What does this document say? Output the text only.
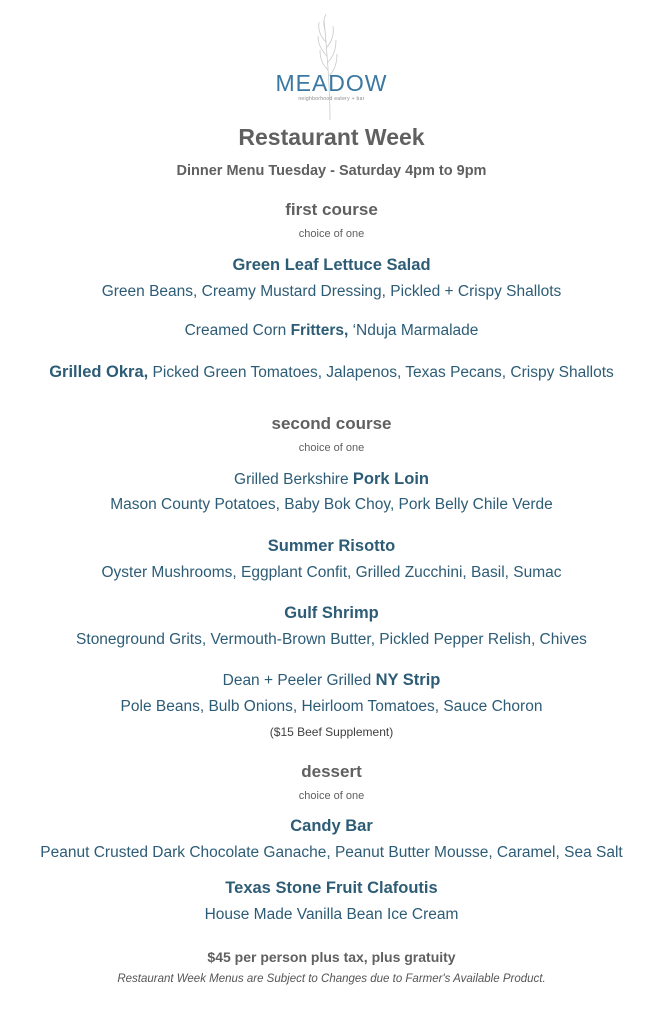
MEADOW
neighborhood eatery + bar
Restaurant Week
Dinner Menu Tuesday - Saturday 4pm to 9pm
first course
choice of one
Green Leaf Lettuce Salad
Green Beans, Creamy Mustard Dressing, Pickled + Crispy Shallots
Creamed Corn Fritters, ‘Nduja Marmalade
Grilled Okra, Picked Green Tomatoes, Jalapenos, Texas Pecans, Crispy Shallots
second course
choice of one
Grilled Berkshire Pork Loin
Mason County Potatoes, Baby Bok Choy, Pork Belly Chile Verde
Summer Risotto
Oyster Mushrooms, Eggplant Confit, Grilled Zucchini, Basil, Sumac
Gulf Shrimp
Stoneground Grits, Vermouth-Brown Butter, Pickled Pepper Relish, Chives
Dean + Peeler Grilled NY Strip
Pole Beans, Bulb Onions, Heirloom Tomatoes, Sauce Choron
($15 Beef Supplement)
dessert
choice of one
Candy Bar
Peanut Crusted Dark Chocolate Ganache, Peanut Butter Mousse, Caramel, Sea Salt
Texas Stone Fruit Clafoutis
House Made Vanilla Bean Ice Cream
$45 per person plus tax, plus gratuity
Restaurant Week Menus are Subject to Changes due to Farmer's Available Product.
